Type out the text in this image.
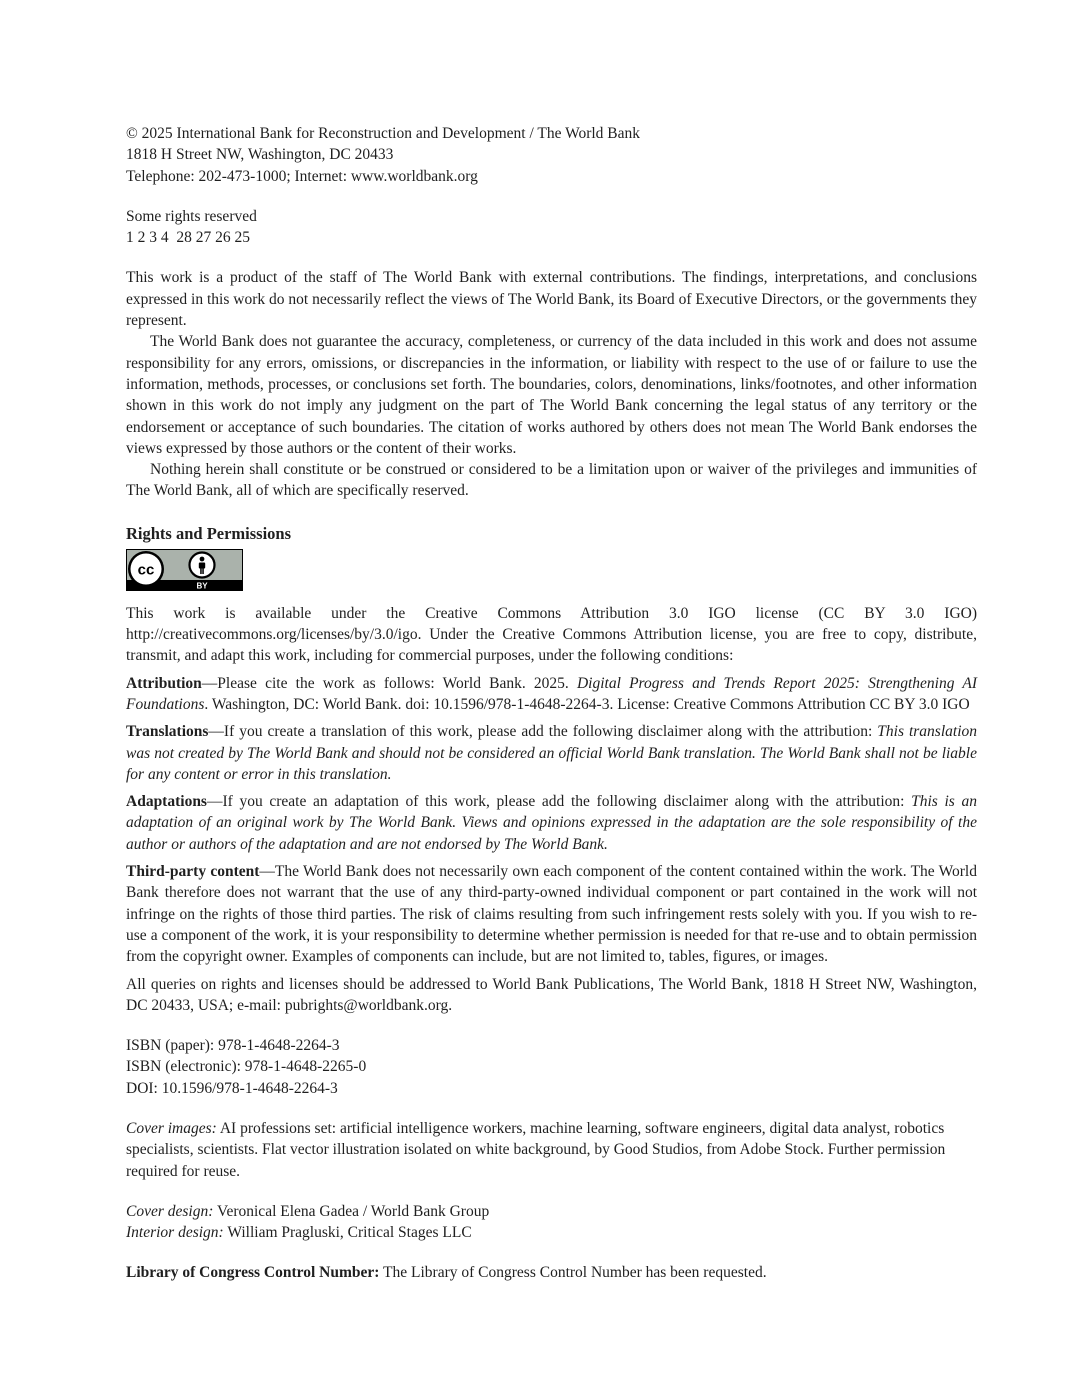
© 2025 International Bank for Reconstruction and Development / The World Bank

1818 H Street NW, Washington, DC 20433

Telephone: 202-473-1000; Internet: www.worldbank.org

Some rights reserved

1 2 3 4  28 27 26 25

This work is a product of the staff of The World Bank with external contributions. The findings, interpretations, and conclusions expressed in this work do not necessarily reflect the views of The World Bank, its Board of Executive Directors, or the governments they represent.

The World Bank does not guarantee the accuracy, completeness, or currency of the data included in this work and does not assume responsibility for any errors, omissions, or discrepancies in the information, or liability with respect to the use of or failure to use the information, methods, processes, or conclusions set forth. The boundaries, colors, denominations, links/footnotes, and other information shown in this work do not imply any judgment on the part of The World Bank concerning the legal status of any territory or the endorsement or acceptance of such boundaries. The citation of works authored by others does not mean The World Bank endorses the views expressed by those authors or the content of their works.

Nothing herein shall constitute or be construed or considered to be a limitation upon or waiver of the privileges and immunities of The World Bank, all of which are specifically reserved.

Rights and Permissions
cc
BY

This work is available under the Creative Commons Attribution 3.0 IGO license (CC BY 3.0 IGO) http://creativecommons.org/licenses/by/3.0/igo. Under the Creative Commons Attribution license, you are free to copy, distribute, transmit, and adapt this work, including for commercial purposes, under the following conditions:

Attribution—Please cite the work as follows: World Bank. 2025. Digital Progress and Trends Report 2025: Strengthening AI Foundations. Washington, DC: World Bank. doi: 10.1596/978-1-4648-2264-3. License: Creative Commons Attribution CC BY 3.0 IGO

Translations—If you create a translation of this work, please add the following disclaimer along with the attribution: This translation was not created by The World Bank and should not be considered an official World Bank translation. The World Bank shall not be liable for any content or error in this translation.

Adaptations—If you create an adaptation of this work, please add the following disclaimer along with the attribution: This is an adaptation of an original work by The World Bank. Views and opinions expressed in the adaptation are the sole responsibility of the author or authors of the adaptation and are not endorsed by The World Bank.

Third-party content—The World Bank does not necessarily own each component of the content contained within the work. The World Bank therefore does not warrant that the use of any third-party-owned individual component or part contained in the work will not infringe on the rights of those third parties. The risk of claims resulting from such infringement rests solely with you. If you wish to re-use a component of the work, it is your responsibility to determine whether permission is needed for that re-use and to obtain permission from the copyright owner. Examples of components can include, but are not limited to, tables, figures, or images.

All queries on rights and licenses should be addressed to World Bank Publications, The World Bank, 1818 H Street NW, Washington, DC 20433, USA; e-mail: pubrights@worldbank.org.

ISBN (paper): 978-1-4648-2264-3

ISBN (electronic): 978-1-4648-2265-0

DOI: 10.1596/978-1-4648-2264-3

Cover images: AI professions set: artificial intelligence workers, machine learning, software engineers, digital data analyst, robotics specialists, scientists. Flat vector illustration isolated on white background, by Good Studios, from Adobe Stock. Further permission required for reuse.

Cover design: Veronical Elena Gadea / World Bank Group

Interior design: William Pragluski, Critical Stages LLC

Library of Congress Control Number: The Library of Congress Control Number has been requested.
